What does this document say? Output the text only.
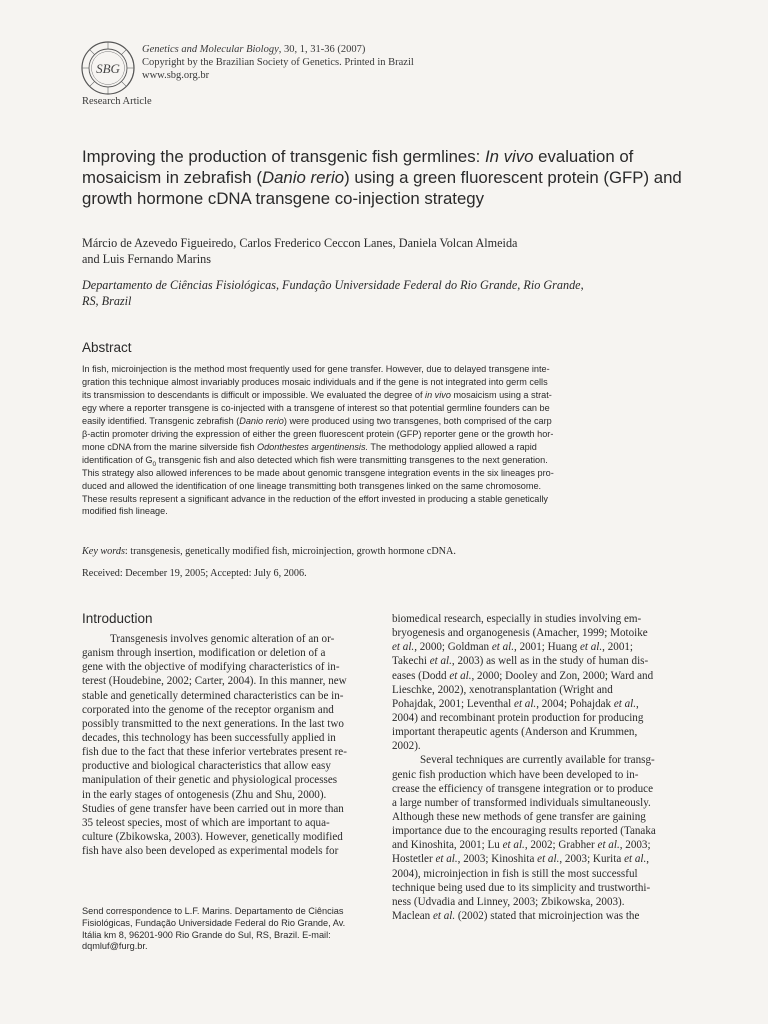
SBG
Genetics and Molecular Biology, 30, 1, 31-36 (2007)
Copyright by the Brazilian Society of Genetics. Printed in Brazil
www.sbg.org.br
Research Article
Improving the production of transgenic fish germlines: In vivo evaluation of mosaicism in zebrafish (Danio rerio) using a green fluorescent protein (GFP) and growth hormone cDNA transgene co-injection strategy
Márcio de Azevedo Figueiredo, Carlos Frederico Ceccon Lanes, Daniela Volcan Almeida
and Luis Fernando Marins
Departamento de Ciências Fisiológicas, Fundação Universidade Federal do Rio Grande, Rio Grande,
RS, Brazil
Abstract
In fish, microinjection is the method most frequently used for gene transfer. However, due to delayed transgene inte-
gration this technique almost invariably produces mosaic individuals and if the gene is not integrated into germ cells
its transmission to descendants is difficult or impossible. We evaluated the degree of in vivo mosaicism using a strat-
egy where a reporter transgene is co-injected with a transgene of interest so that potential germline founders can be
easily identified. Transgenic zebrafish (Danio rerio) were produced using two transgenes, both comprised of the carp
β-actin promoter driving the expression of either the green fluorescent protein (GFP) reporter gene or the growth hor-
mone cDNA from the marine silverside fish Odonthestes argentinensis. The methodology applied allowed a rapid
identification of $G_0$ transgenic fish and also detected which fish were transmitting transgenes to the next generation.
This strategy also allowed inferences to be made about genomic transgene integration events in the six lineages pro-
duced and allowed the identification of one lineage transmitting both transgenes linked on the same chromosome.
These results represent a significant advance in the reduction of the effort invested in producing a stable genetically
modified fish lineage.
Key words: transgenesis, genetically modified fish, microinjection, growth hormone cDNA.
Received: December 19, 2005; Accepted: July 6, 2006.
Introduction
Transgenesis involves genomic alteration of an or-
ganism through insertion, modification or deletion of a
gene with the objective of modifying characteristics of in-
terest (Houdebine, 2002; Carter, 2004). In this manner, new
stable and genetically determined characteristics can be in-
corporated into the genome of the receptor organism and
possibly transmitted to the next generations. In the last two
decades, this technology has been successfully applied in
fish due to the fact that these inferior vertebrates present re-
productive and biological characteristics that allow easy
manipulation of their genetic and physiological processes
in the early stages of ontogenesis (Zhu and Shu, 2000).
Studies of gene transfer have been carried out in more than
35 teleost species, most of which are important to aqua-
culture (Zbikowska, 2003). However, genetically modified
fish have also been developed as experimental models for
biomedical research, especially in studies involving em-
bryogenesis and organogenesis (Amacher, 1999; Motoike
et al., 2000; Goldman et al., 2001; Huang et al., 2001;
Takechi et al., 2003) as well as in the study of human dis-
eases (Dodd et al., 2000; Dooley and Zon, 2000; Ward and
Lieschke, 2002), xenotransplantation (Wright and
Pohajdak, 2001; Leventhal et al., 2004; Pohajdak et al.,
2004) and recombinant protein production for producing
important therapeutic agents (Anderson and Krummen,
2002).
Several techniques are currently available for transg-
genic fish production which have been developed to in-
crease the efficiency of transgene integration or to produce
a large number of transformed individuals simultaneously.
Although these new methods of gene transfer are gaining
importance due to the encouraging results reported (Tanaka
and Kinoshita, 2001; Lu et al., 2002; Grabher et al., 2003;
Hostetler et al., 2003; Kinoshita et al., 2003; Kurita et al.,
2004), microinjection in fish is still the most successful
technique being used due to its simplicity and trustworthi-
ness (Udvadia and Linney, 2003; Zbikowska, 2003).
Maclean et al. (2002) stated that microinjection was the
Send correspondence to L.F. Marins. Departamento de Ciências
Fisiológicas, Fundação Universidade Federal do Rio Grande, Av.
Itália km 8, 96201-900 Rio Grande do Sul, RS, Brazil. E-mail:
dqmluf@furg.br.
